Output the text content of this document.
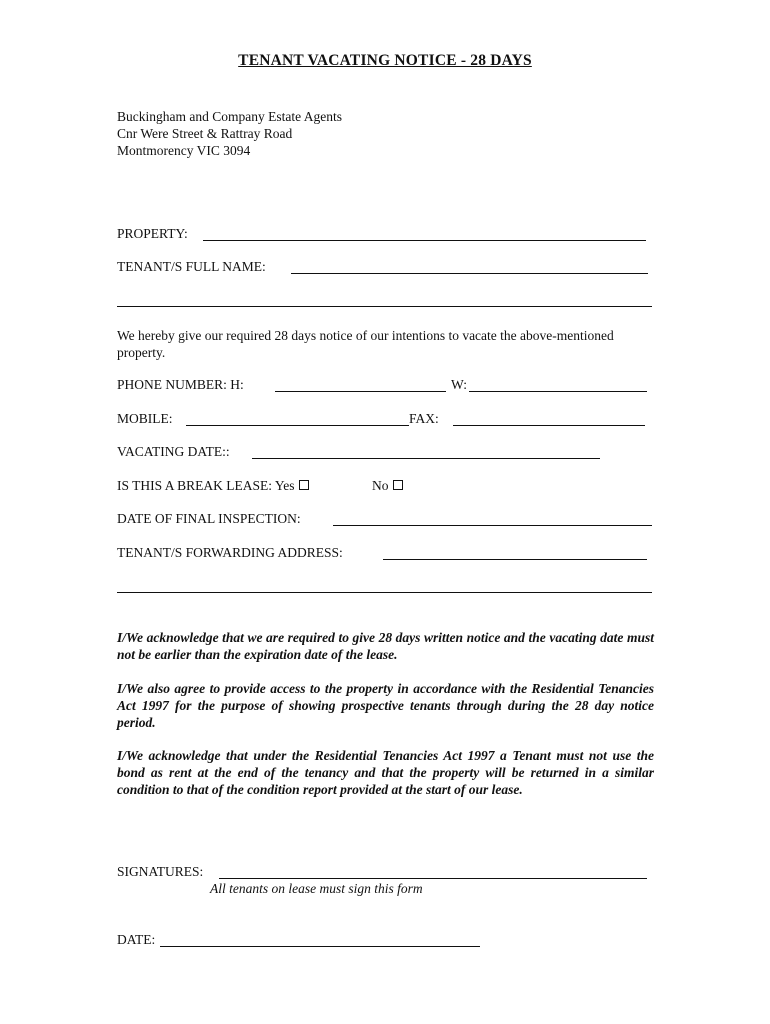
TENANT VACATING NOTICE - 28 DAYS
Buckingham and Company Estate Agents
Cnr Were Street & Rattray Road
Montmorency VIC 3094
PROPERTY:
TENANT/S FULL NAME:
We hereby give our required 28 days notice of our intentions to vacate the above-mentioned property.
PHONE NUMBER: H:	W:
MOBILE:	FAX:
VACATING DATE::
IS THIS A BREAK LEASE: Yes	No
DATE OF FINAL INSPECTION:
TENANT/S FORWARDING ADDRESS:
I/We acknowledge that we are required to give 28 days written notice and the vacating date must not be earlier than the expiration date of the lease.
I/We also agree to provide access to the property in accordance with the Residential Tenancies Act 1997 for the purpose of showing prospective tenants through during the 28 day notice period.
I/We acknowledge that under the Residential Tenancies Act 1997 a Tenant must not use the bond as rent at the end of the tenancy and that the property will be returned in a similar condition to that of the condition report provided at the start of our lease.
SIGNATURES:
All tenants on lease must sign this form
DATE:
